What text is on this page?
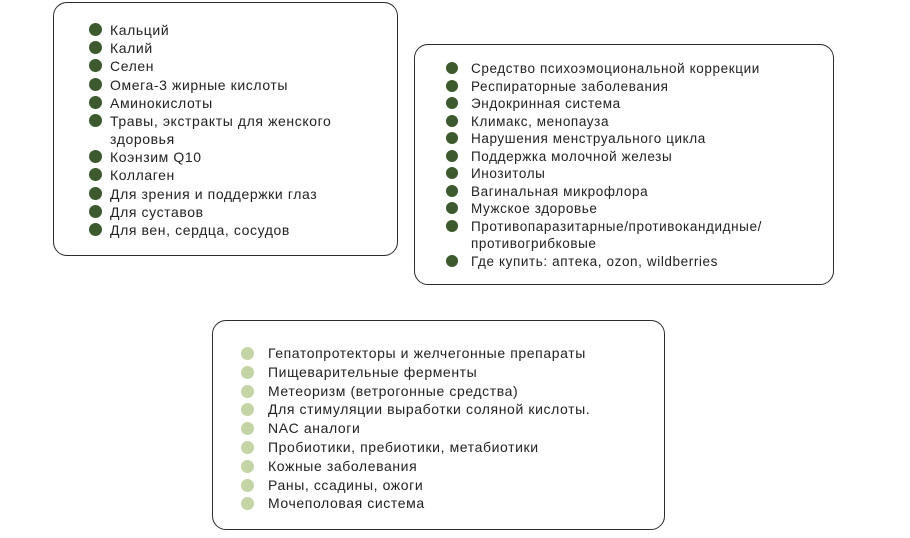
Кальций
Калий
Селен
Омега-3 жирные кислоты
Аминокислоты
Травы, экстракты для женского здоровья
Коэнзим Q10
Коллаген
Для зрения и поддержки глаз
Для суставов
Для вен, сердца, сосудов
Средство психоэмоциональной коррекции
Респираторные заболевания
Эндокринная система
Климакс, менопауза
Нарушения менструального цикла
Поддержка молочной железы
Инозитолы
Вагинальная микрофлора
Мужское здоровье
Противопаразитарные/противокандидные/ противогрибковые
Где купить: аптека, ozon, wildberries
Гепатопротекторы и желчегонные препараты
Пищеварительные ферменты
Метеоризм (ветрогонные средства)
Для стимуляции выработки соляной кислоты.
NAC аналоги
Пробиотики, пребиотики, метабиотики
Кожные заболевания
Раны, ссадины, ожоги
Мочеполовая система
